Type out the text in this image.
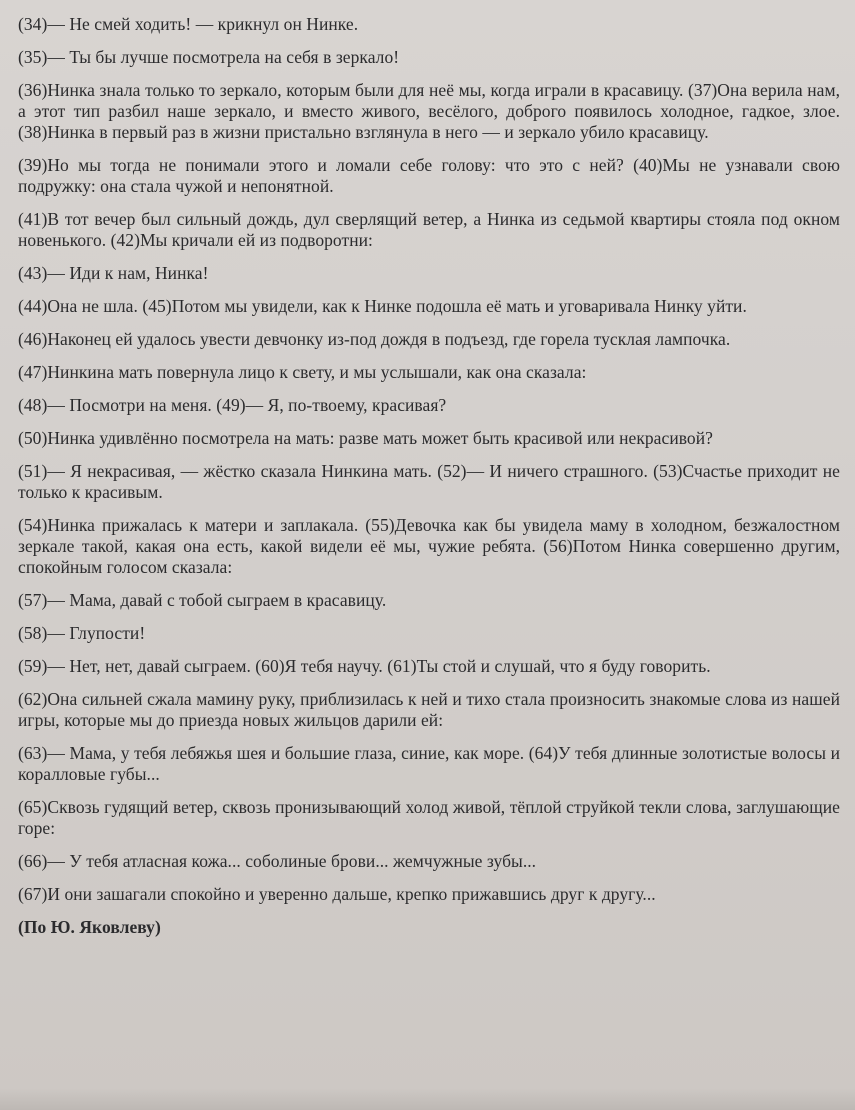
(34)— Не смей ходить! — крикнул он Нинке.

(35)— Ты бы лучше посмотрела на себя в зеркало!

(36)Нинка знала только то зеркало, которым были для неё мы, когда играли в красавицу. (37)Она верила нам, а этот тип разбил наше зеркало, и вместо живого, весёлого, доброго появилось холодное, гадкое, злое. (38)Нинка в первый раз в жизни пристально взглянула в него — и зеркало убило красавицу.

(39)Но мы тогда не понимали этого и ломали себе голову: что это с ней? (40)Мы не узнавали свою подружку: она стала чужой и непонятной.

(41)В тот вечер был сильный дождь, дул сверлящий ветер, а Нинка из седьмой квартиры стояла под окном новенького. (42)Мы кричали ей из подворотни:

(43)— Иди к нам, Нинка!

(44)Она не шла. (45)Потом мы увидели, как к Нинке подошла её мать и уговаривала Нинку уйти.

(46)Наконец ей удалось увести девчонку из-под дождя в подъезд, где горела тусклая лампочка.

(47)Нинкина мать повернула лицо к свету, и мы услышали, как она сказала:

(48)— Посмотри на меня. (49)— Я, по-твоему, красивая?

(50)Нинка удивлённо посмотрела на мать: разве мать может быть красивой или некрасивой?

(51)— Я некрасивая, — жёстко сказала Нинкина мать. (52)— И ничего страшного. (53)Счастье приходит не только к красивым.

(54)Нинка прижалась к матери и заплакала. (55)Девочка как бы увидела маму в холодном, безжалостном зеркале такой, какая она есть, какой видели её мы, чужие ребята. (56)Потом Нинка совершенно другим, спокойным голосом сказала:

(57)— Мама, давай с тобой сыграем в красавицу.

(58)— Глупости!

(59)— Нет, нет, давай сыграем. (60)Я тебя научу. (61)Ты стой и слушай, что я буду говорить.

(62)Она сильней сжала мамину руку, приблизилась к ней и тихо стала произносить знакомые слова из нашей игры, которые мы до приезда новых жильцов дарили ей:

(63)— Мама, у тебя лебяжья шея и большие глаза, синие, как море. (64)У тебя длинные золотистые волосы и коралловые губы...

(65)Сквозь гудящий ветер, сквозь пронизывающий холод живой, тёплой струйкой текли слова, заглушающие горе:

(66)— У тебя атласная кожа... соболиные брови... жемчужные зубы...

(67)И они зашагали спокойно и уверенно дальше, крепко прижавшись друг к другу...

(По Ю. Яковлеву)
